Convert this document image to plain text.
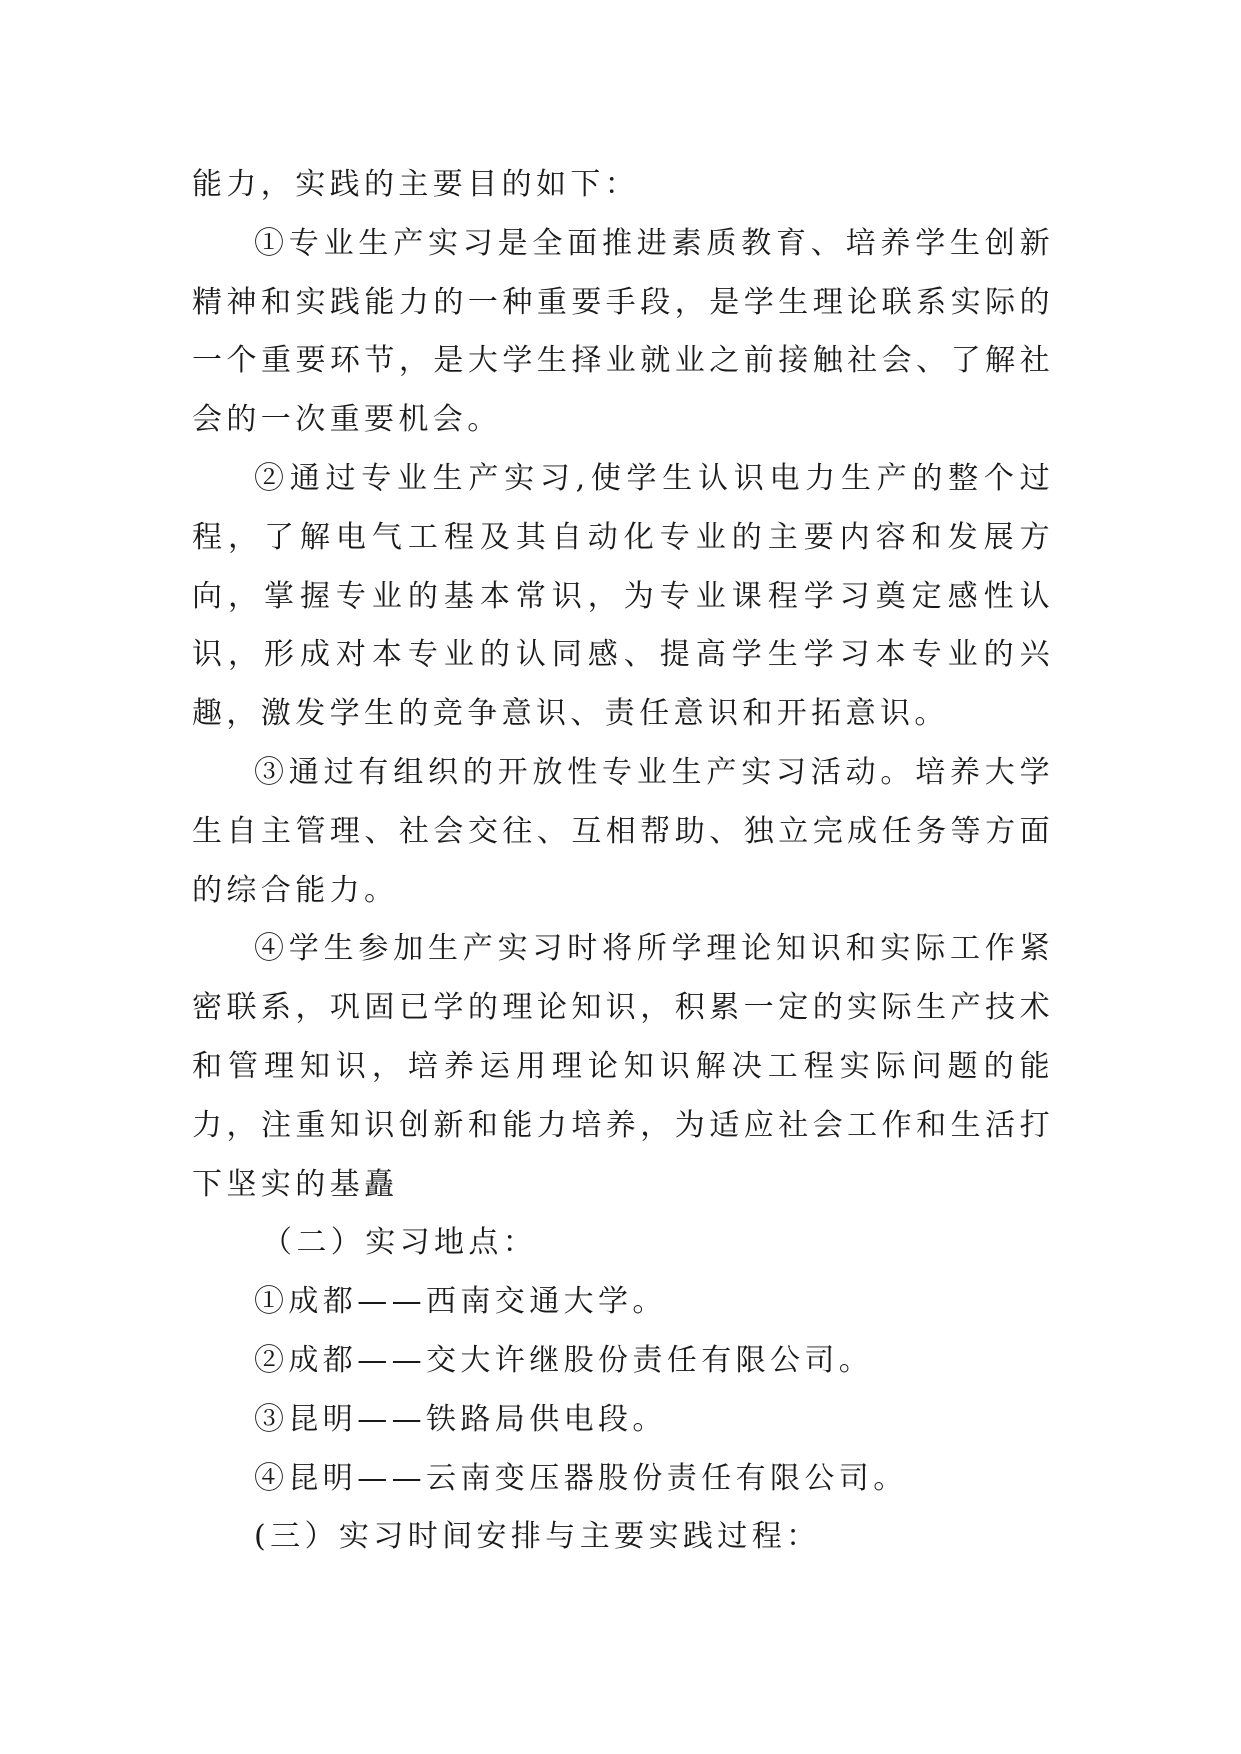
能力，实践的主要目的如下：

①专业生产实习是全面推进素质教育、培养学生创新精神和实践能力的一种重要手段，是学生理论联系实际的一个重要环节，是大学生择业就业之前接触社会、了解社会的一次重要机会。

②通过专业生产实习,使学生认识电力生产的整个过程，了解电气工程及其自动化专业的主要内容和发展方向，掌握专业的基本常识，为专业课程学习奠定感性认识，形成对本专业的认同感、提高学生学习本专业的兴趣，激发学生的竞争意识、责任意识和开拓意识。

③通过有组织的开放性专业生产实习活动。培养大学生自主管理、社会交往、互相帮助、独立完成任务等方面的综合能力。

④学生参加生产实习时将所学理论知识和实际工作紧密联系，巩固已学的理论知识，积累一定的实际生产技术和管理知识，培养运用理论知识解决工程实际问题的能力，注重知识创新和能力培养，为适应社会工作和生活打下坚实的基矗

（二）实习地点：

①成都——西南交通大学。

②成都——交大许继股份责任有限公司。

③昆明——铁路局供电段。

④昆明——云南变压器股份责任有限公司。

(三）实习时间安排与主要实践过程：
